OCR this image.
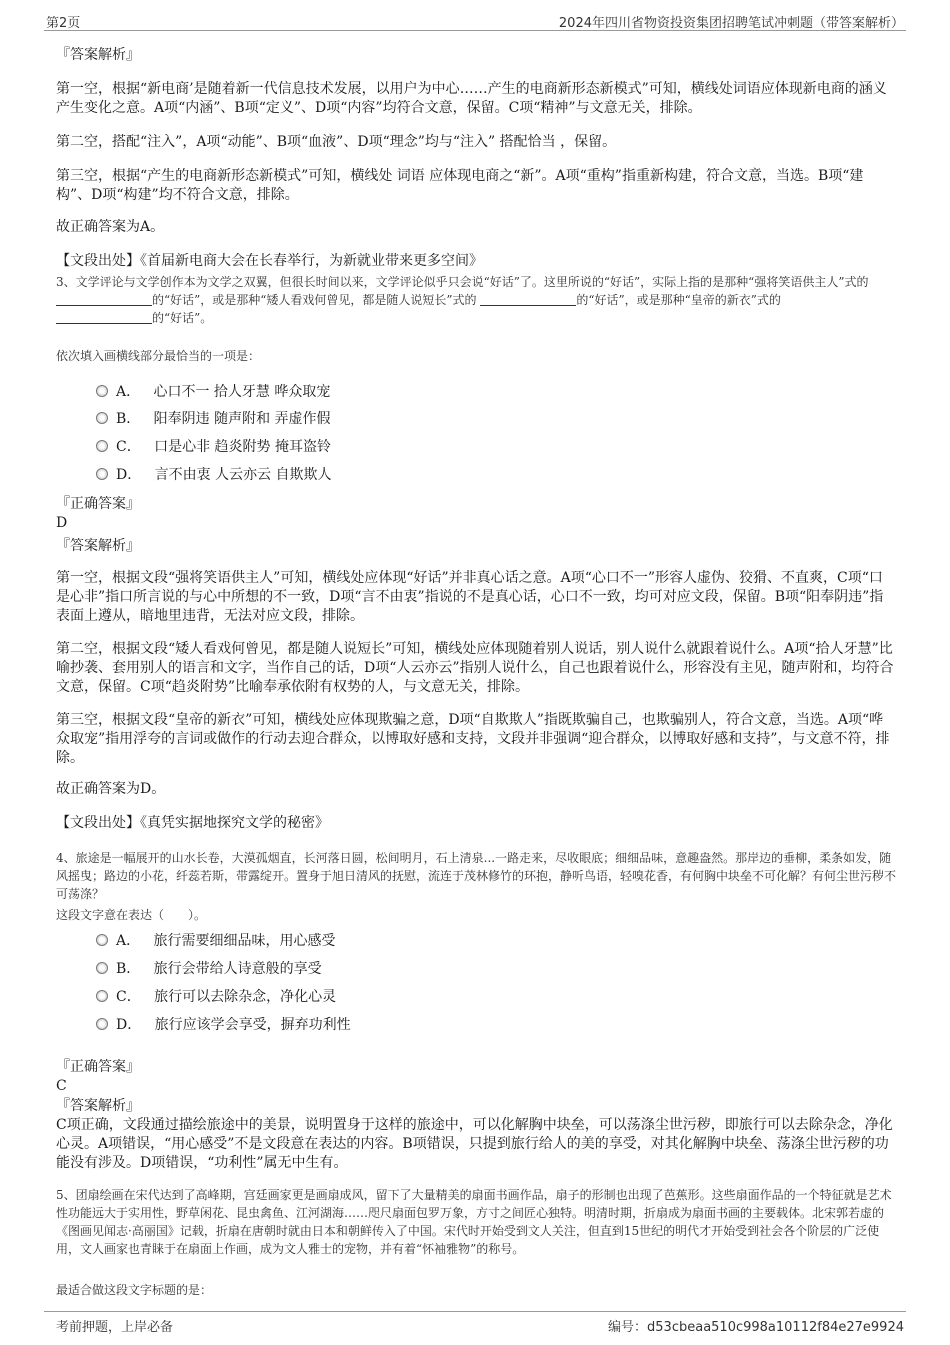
第2页	2024年四川省物资投资集团招聘笔试冲刺题（带答案解析）

『答案解析』

第一空，根据“新电商’是随着新一代信息技术发展，以用户为中心……产生的电商新形态新模式”可知，横线处词语应体现新电商的涵义产生变化之意。A项“内涵”、B项“定义”、D项“内容”均符合文意，保留。C项“精神”与文意无关，排除。

第二空，搭配“注入”，A项“动能”、B项“血液”、D项“理念”均与“注入” 搭配恰当 ，保留。

第三空，根据“产生的电商新形态新模式”可知，横线处 词语 应体现电商之“新”。A项“重构”指重新构建，符合文意，当选。B项“建构”、D项“构建”均不符合文意，排除。

故正确答案为A。

【文段出处】《首届新电商大会在长春举行，为新就业带来更多空间》

3、文学评论与文学创作本为文学之双翼，但很长时间以来，文学评论似乎只会说“好话”了。这里所说的“好话”，实际上指的是那种“强将笑语供主人”式的 的“好话”，或是那种“矮人看戏何曾见，都是随人说短长”式的	的“好话”，或是那种“皇帝的新衣”式的
的“好话”。

依次填入画横线部分最恰当的一项是：

A． 心口不一 拾人牙慧 哗众取宠
B． 阳奉阴违 随声附和 弄虚作假
C． 口是心非 趋炎附势 掩耳盗铃
D． 言不由衷 人云亦云 自欺欺人

『正确答案』

D

『答案解析』

第一空，根据文段“强将笑语供主人”可知，横线处应体现“好话”并非真心话之意。A项“心口不一”形容人虚伪、狡猾、不直爽，C项“口是心非”指口所言说的与心中所想的不一致，D项“言不由衷”指说的不是真心话，心口不一致，均可对应文段，保留。B项“阳奉阴违”指表面上遵从，暗地里违背，无法对应文段，排除。

第二空，根据文段“矮人看戏何曾见，都是随人说短长”可知，横线处应体现随着别人说话，别人说什么就跟着说什么。A项“拾人牙慧”比喻抄袭、套用别人的语言和文字，当作自己的话，D项“人云亦云”指别人说什么，自己也跟着说什么，形容没有主见，随声附和，均符合文意，保留。C项“趋炎附势”比喻奉承依附有权势的人，与文意无关，排除。

第三空，根据文段“皇帝的新衣”可知，横线处应体现欺骗之意，D项“自欺欺人”指既欺骗自己，也欺骗别人，符合文意，当选。A项“哗众取宠”指用浮夸的言词或做作的行动去迎合群众，以博取好感和支持，文段并非强调“迎合群众，以博取好感和支持”，与文意不符，排除。

故正确答案为D。

【文段出处】《真凭实据地探究文学的秘密》

4、旅途是一幅展开的山水长卷，大漠孤烟直，长河落日圆，松间明月，石上清泉...一路走来，尽收眼底；细细品味，意趣盎然。那岸边的垂柳，柔条如发，随风摇曳；路边的小花，纤蕊若斯，带露绽开。置身于旭日清风的抚慰，流连于茂林修竹的环抱，静听鸟语，轻嗅花香，有何胸中块垒不可化解？有何尘世污秽不可荡涤？

这段文字意在表达（　　）。

A． 旅行需要细细品味，用心感受
B． 旅行会带给人诗意般的享受
C． 旅行可以去除杂念，净化心灵
D． 旅行应该学会享受，摒弃功利性

『正确答案』

C

『答案解析』

C项正确，文段通过描绘旅途中的美景，说明置身于这样的旅途中，可以化解胸中块垒，可以荡涤尘世污秽，即旅行可以去除杂念，净化心灵。A项错误，“用心感受”不是文段意在表达的内容。B项错误，只提到旅行给人的美的享受，对其化解胸中块垒、荡涤尘世污秽的功能没有涉及。D项错误，“功利性”属无中生有。

5、团扇绘画在宋代达到了高峰期，宫廷画家更是画扇成风，留下了大量精美的扇面书画作品，扇子的形制也出现了芭蕉形。这些扇面作品的一个特征就是艺术性功能远大于实用性，野草闲花、昆虫禽鱼、江河湖海……咫尺扇面包罗万象，方寸之间匠心独特。明清时期，折扇成为扇面书画的主要载体。北宋郭若虚的《图画见闻志·高丽国》记载，折扇在唐朝时就由日本和朝鲜传入了中国。宋代时开始受到文人关注，但直到15世纪的明代才开始受到社会各个阶层的广泛使用，文人画家也青睐于在扇面上作画，成为文人雅士的宠物，并有着“怀袖雅物”的称号。

最适合做这段文字标题的是：

考前押题，上岸必备	编号：d53cbeaa510c998a10112f84e27e9924
